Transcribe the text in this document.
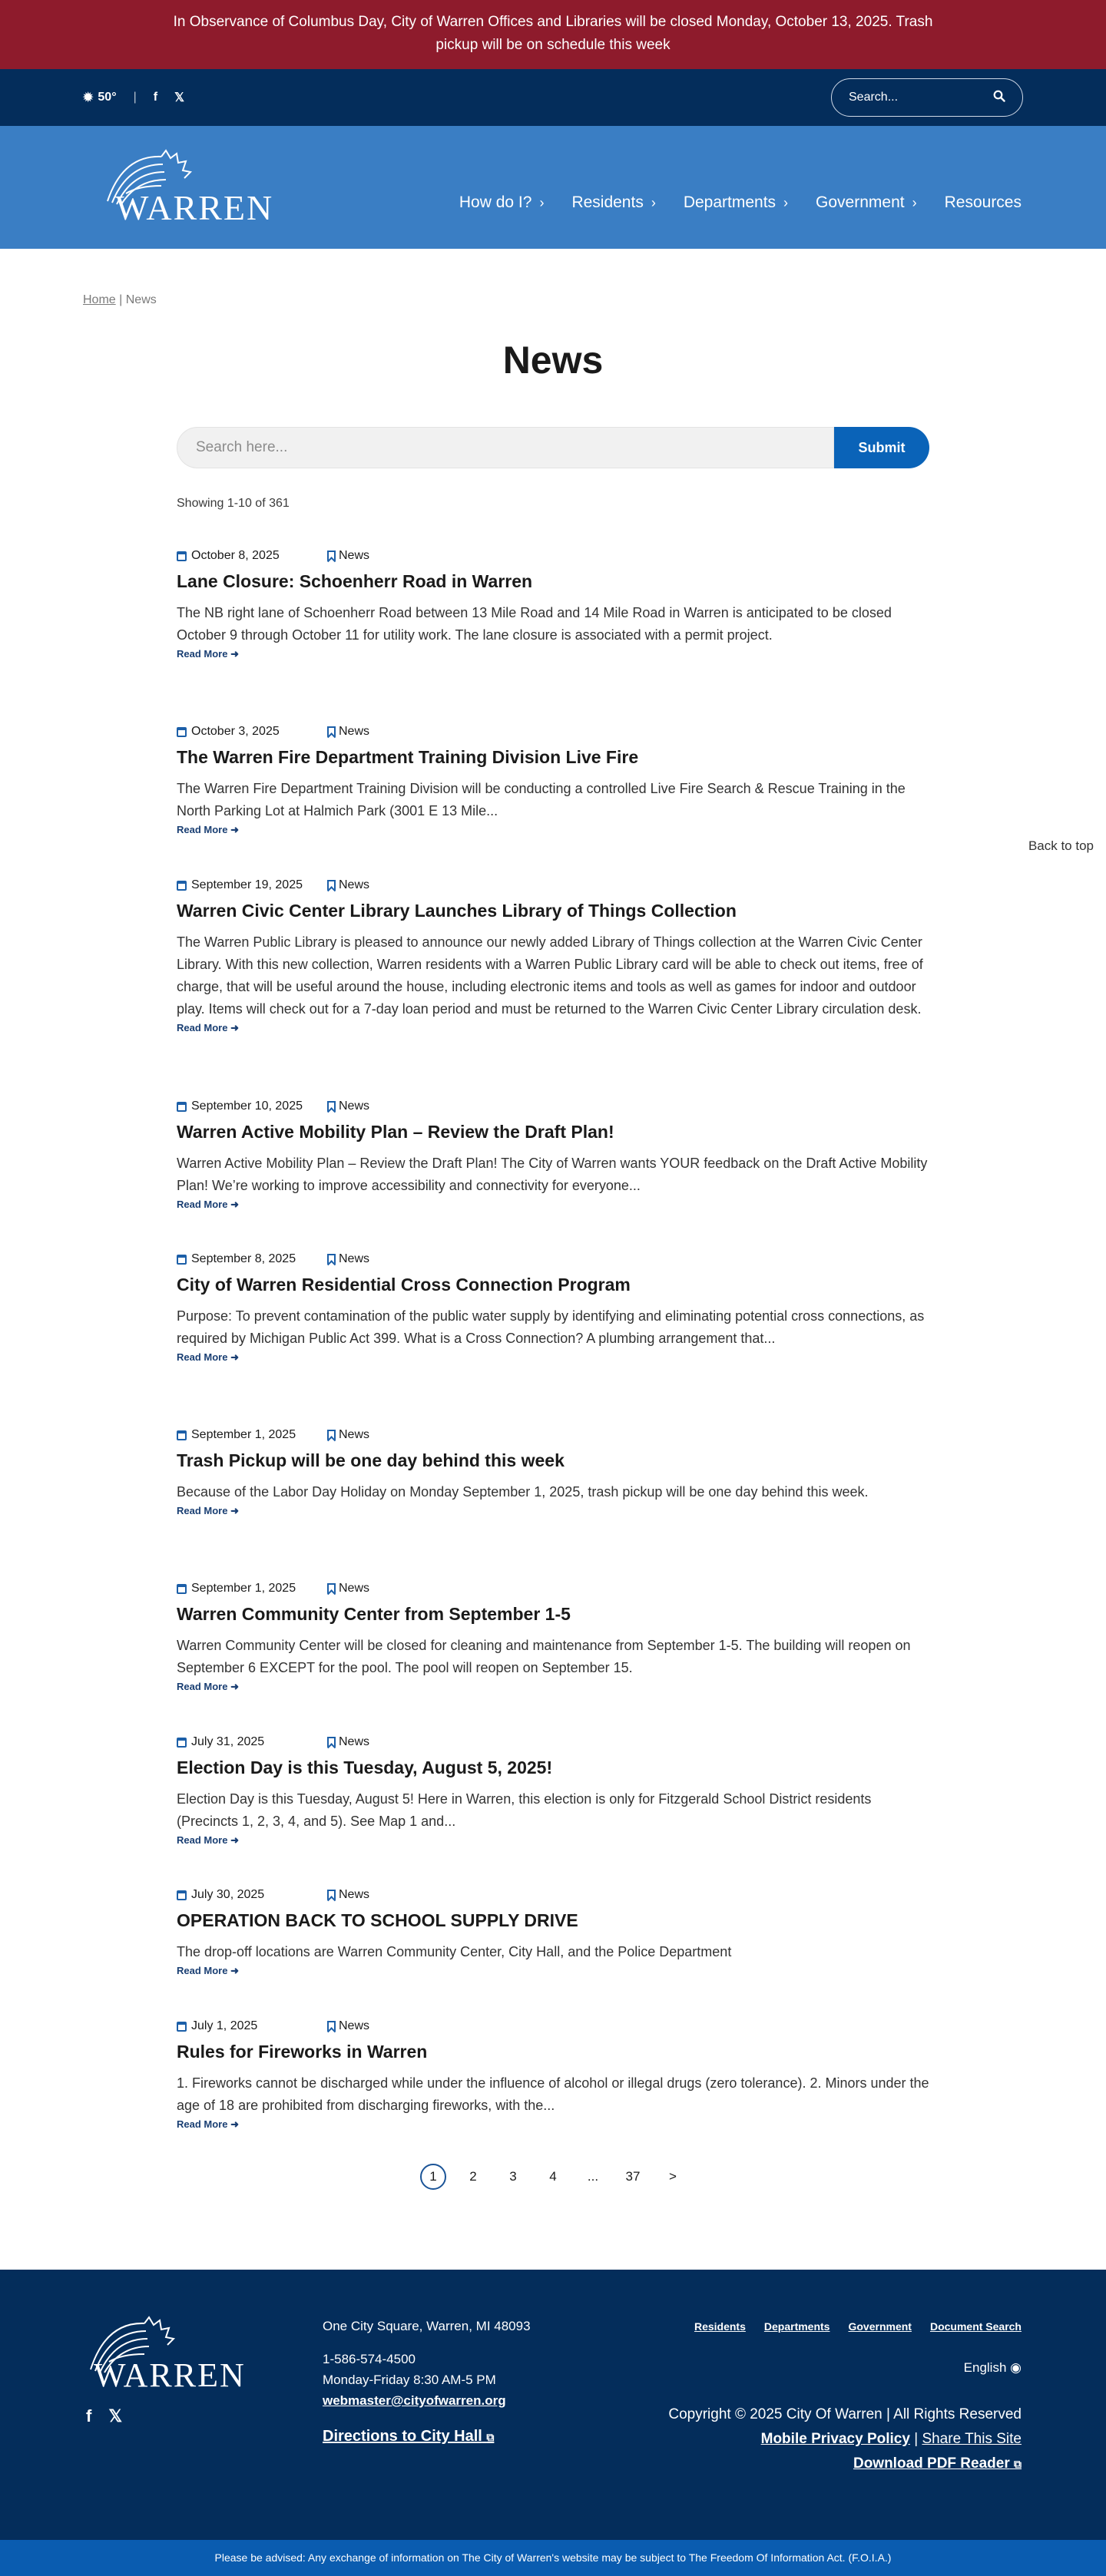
In Observance of Columbus Day, City of Warren Offices and Libraries will be closed Monday, October 13, 2025. Trash pickup will be on schedule this week
✹ 50° | f 𝕏	Search...
WARREN	How do I? › Residents › Departments › Government › Resources
Home | News
News
Search here...	Submit
Showing 1-10 of 361
October 8, 2025	News
Lane Closure: Schoenherr Road in Warren

The NB right lane of Schoenherr Road between 13 Mile Road and 14 Mile Road in Warren is anticipated to be closed October 9 through October 11 for utility work. The lane closure is associated with a permit project.

Read More ➜
October 3, 2025	News
The Warren Fire Department Training Division Live Fire

The Warren Fire Department Training Division will be conducting a controlled Live Fire Search & Rescue Training in the North Parking Lot at Halmich Park (3001 E 13 Mile...

Read More ➜
September 19, 2025	News
Warren Civic Center Library Launches Library of Things Collection

The Warren Public Library is pleased to announce our newly added Library of Things collection at the Warren Civic Center Library. With this new collection, Warren residents with a Warren Public Library card will be able to check out items, free of charge, that will be useful around the house, including electronic items and tools as well as games for indoor and outdoor play. Items will check out for a 7-day loan period and must be returned to the Warren Civic Center Library circulation desk.

Read More ➜
September 10, 2025	News
Warren Active Mobility Plan – Review the Draft Plan!

Warren Active Mobility Plan – Review the Draft Plan! The City of Warren wants YOUR feedback on the Draft Active Mobility Plan! We’re working to improve accessibility and connectivity for everyone...

Read More ➜
September 8, 2025	News
City of Warren Residential Cross Connection Program

Purpose: To prevent contamination of the public water supply by identifying and eliminating potential cross connections, as required by Michigan Public Act 399. What is a Cross Connection? A plumbing arrangement that...

Read More ➜
September 1, 2025	News
Trash Pickup will be one day behind this week

Because of the Labor Day Holiday on Monday September 1, 2025, trash pickup will be one day behind this week.

Read More ➜
September 1, 2025	News
Warren Community Center from September 1-5

Warren Community Center will be closed for cleaning and maintenance from September 1-5. The building will reopen on September 6 EXCEPT for the pool. The pool will reopen on September 15.

Read More ➜
July 31, 2025	News
Election Day is this Tuesday, August 5, 2025!

Election Day is this Tuesday, August 5! Here in Warren, this election is only for Fitzgerald School District residents (Precincts 1, 2, 3, 4, and 5). See Map 1 and...

Read More ➜
July 30, 2025	News
OPERATION BACK TO SCHOOL SUPPLY DRIVE

The drop-off locations are Warren Community Center, City Hall, and the Police Department

Read More ➜
July 1, 2025	News
Rules for Fireworks in Warren

1. Fireworks cannot be discharged while under the influence of alcohol or illegal drugs (zero tolerance). 2. Minors under the age of 18 are prohibited from discharging fireworks, with the...

Read More ➜
Back to top
1	2	3	4	...	37	>
WARREN
f 𝕏
One City Square, Warren, MI 48093
1-586-574-4500
Monday-Friday 8:30 AM-5 PM
webmaster@cityofwarren.org
Directions to City Hall ⧉
Residents Departments Government Document Search
English ◉
Copyright © 2025 City Of Warren | All Rights Reserved
Mobile Privacy Policy | Share This Site
Download PDF Reader ⧉
Please be advised: Any exchange of information on The City of Warren's website may be subject to The Freedom Of Information Act. (F.O.I.A.)
